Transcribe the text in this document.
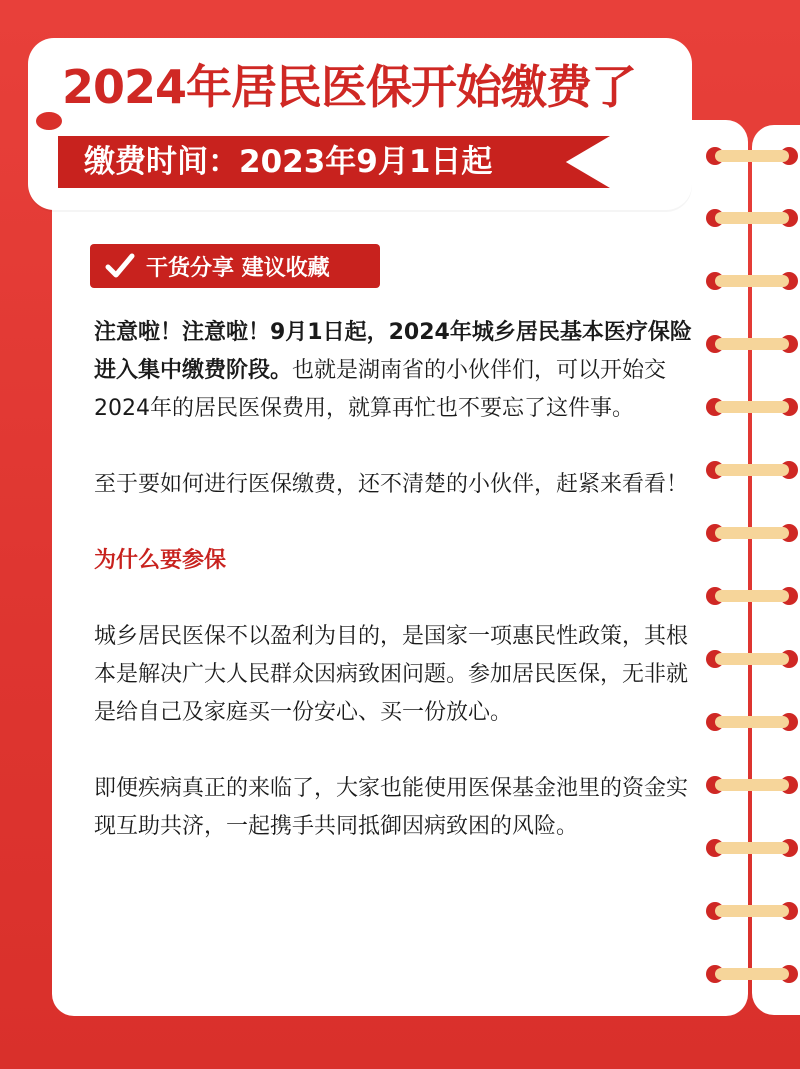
2024年居民医保开始缴费了
缴费时间：2023年9月1日起
干货分享 建议收藏

注意啦！注意啦！9月1日起，2024年城乡居民基本医疗保险进入集中缴费阶段。也就是湖南省的小伙伴们，可以开始交2024年的居民医保费用，就算再忙也不要忘了这件事。

至于要如何进行医保缴费，还不清楚的小伙伴，赶紧来看看！

为什么要参保

城乡居民医保不以盈利为目的，是国家一项惠民性政策，其根本是解决广大人民群众因病致困问题。参加居民医保，无非就是给自己及家庭买一份安心、买一份放心。

即便疾病真正的来临了，大家也能使用医保基金池里的资金实现互助共济，一起携手共同抵御因病致困的风险。
